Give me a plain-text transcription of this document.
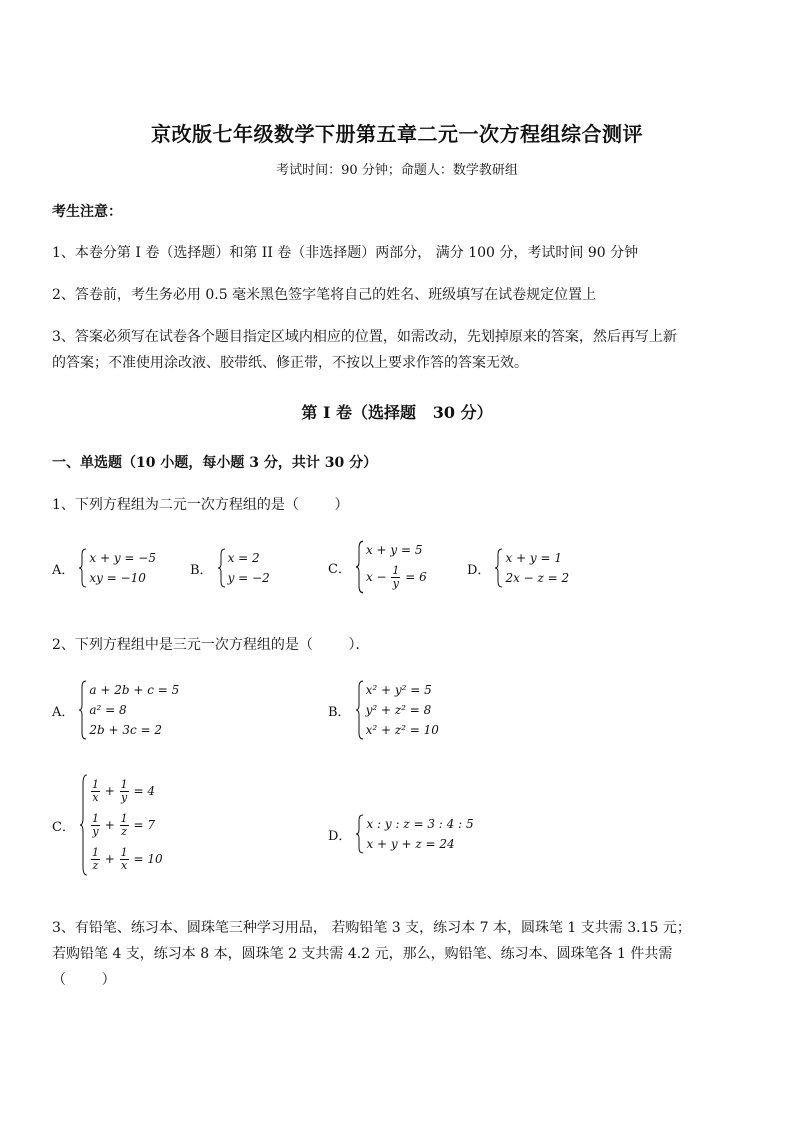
京改版七年级数学下册第五章二元一次方程组综合测评
考试时间：90 分钟；命题人：数学教研组
考生注意：
1、本卷分第 I 卷（选择题）和第 II 卷（非选择题）两部分， 满分 100 分，考试时间 90 分钟
2、答卷前，考生务必用 0.5 毫米黑色签字笔将自己的姓名、班级填写在试卷规定位置上
3、答案必须写在试卷各个题目指定区域内相应的位置，如需改动，先划掉原来的答案，然后再写上新
的答案；不准使用涂改液、胶带纸、修正带，不按以上要求作答的答案无效。
第 I 卷（选择题   30 分）
一、单选题（10 小题，每小题 3 分，共计 30 分）
1、下列方程组为二元一次方程组的是（        ）
A．
x + y = −5
xy = −10
B．
x = 2
y = −2
C．
x + y = 5
$x - \frac{1}{y} = 6$	D．
x + y = 1
2x − z = 2
2、下列方程组中是三元一次方程组的是（        ）．
A．
a + 2b + c = 5
a² = 8
2b + 3c = 2
B．
x² + y² = 5
y² + z² = 8
x² + z² = 10
C．
$\frac{1}{x} + \frac{1}{y} = 4$
$\frac{1}{y} + \frac{1}{z} = 7$
$\frac{1}{z} + \frac{1}{x} = 10$
D．
x : y : z = 3 : 4 : 5
x + y + z = 24
3、有铅笔、练习本、圆珠笔三种学习用品， 若购铅笔 3 支，练习本 7 本，圆珠笔 1 支共需 3.15 元；
若购铅笔 4 支，练习本 8 本，圆珠笔 2 支共需 4.2 元，那么，购铅笔、练习本、圆珠笔各 1 件共需
（        ）
